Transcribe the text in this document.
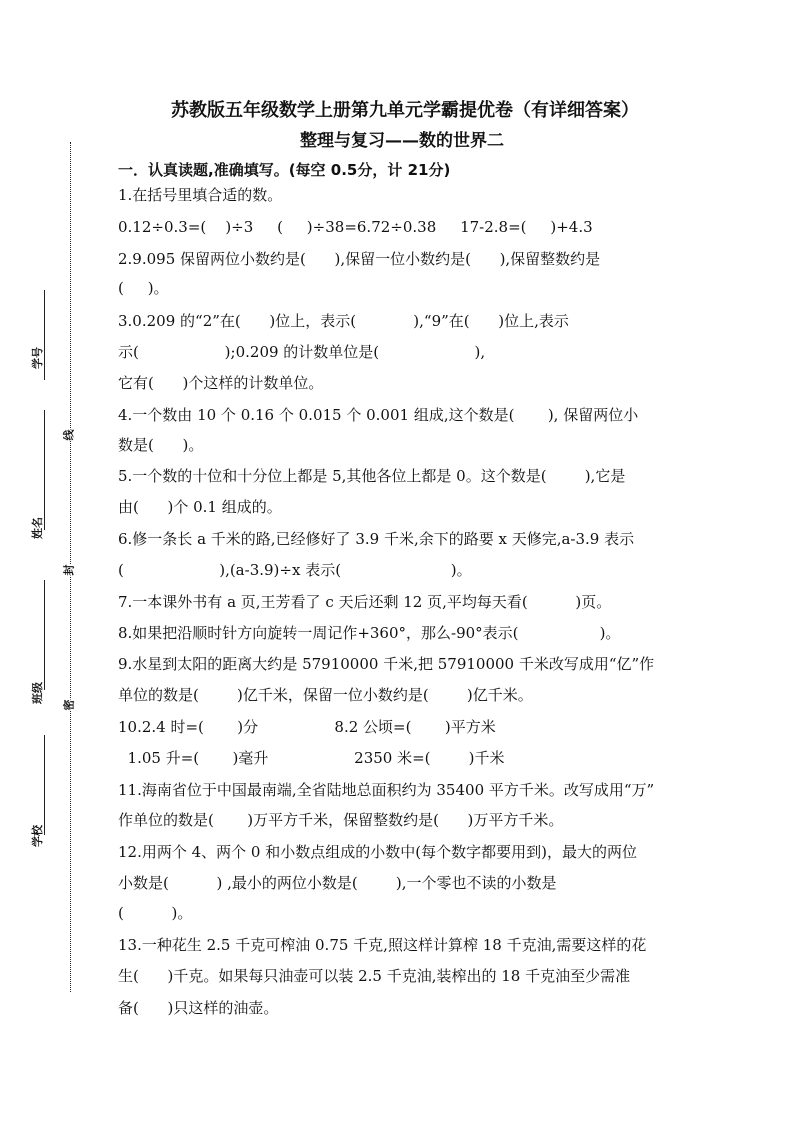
学号
姓名
班级
学校
线
封
密
苏教版五年级数学上册第九单元学霸提优卷（有详细答案）
整理与复习——数的世界二
一．认真读题,准确填写。(每空 0.5分，计 21分)
1.在括号里填合适的数。
0.12÷0.3=(    )÷3     (     )÷38=6.72÷0.38     17-2.8=(     )+4.3
2.9.095 保留两位小数约是(      ),保留一位小数约是(      ),保留整数约是
(     )。
3.0.209 的“2”在(      )位上，表示(            ),“9”在(      )位上,表示
示(                  );0.209 的计数单位是(                    ),
它有(      )个这样的计数单位。
4.一个数由 10 个 0.16 个 0.015 个 0.001 组成,这个数是(       ), 保留两位小
数是(      )。
5.一个数的十位和十分位上都是 5,其他各位上都是 0。这个数是(        ),它是
由(      )个 0.1 组成的。
6.修一条长 a 千米的路,已经修好了 3.9 千米,余下的路要 x 天修完,a-3.9 表示
(                    ),(a-3.9)÷x 表示(                       )。
7.一本课外书有 a 页,王芳看了 c 天后还剩 12 页,平均每天看(          )页。
8.如果把沿顺时针方向旋转一周记作+360°，那么-90°表示(                 )。
9.水星到太阳的距离大约是 57910000 千米,把 57910000 千米改写成用“亿”作
单位的数是(        )亿千米，保留一位小数约是(        )亿千米。
10.2.4 时=(       )分                8.2 公顷=(       )平方米
1.05 升=(       )毫升                  2350 米=(        )千米
11.海南省位于中国最南端,全省陆地总面积约为 35400 平方千米。改写成用“万”
作单位的数是(       )万平方千米，保留整数约是(      )万平方千米。
12.用两个 4、两个 0 和小数点组成的小数中(每个数字都要用到)，最大的两位
小数是(          ) ,最小的两位小数是(        ),一个零也不读的小数是
(          )。
13.一种花生 2.5 千克可榨油 0.75 千克,照这样计算榨 18 千克油,需要这样的花
生(      )千克。如果每只油壶可以装 2.5 千克油,装榨出的 18 千克油至少需准
备(      )只这样的油壶。
